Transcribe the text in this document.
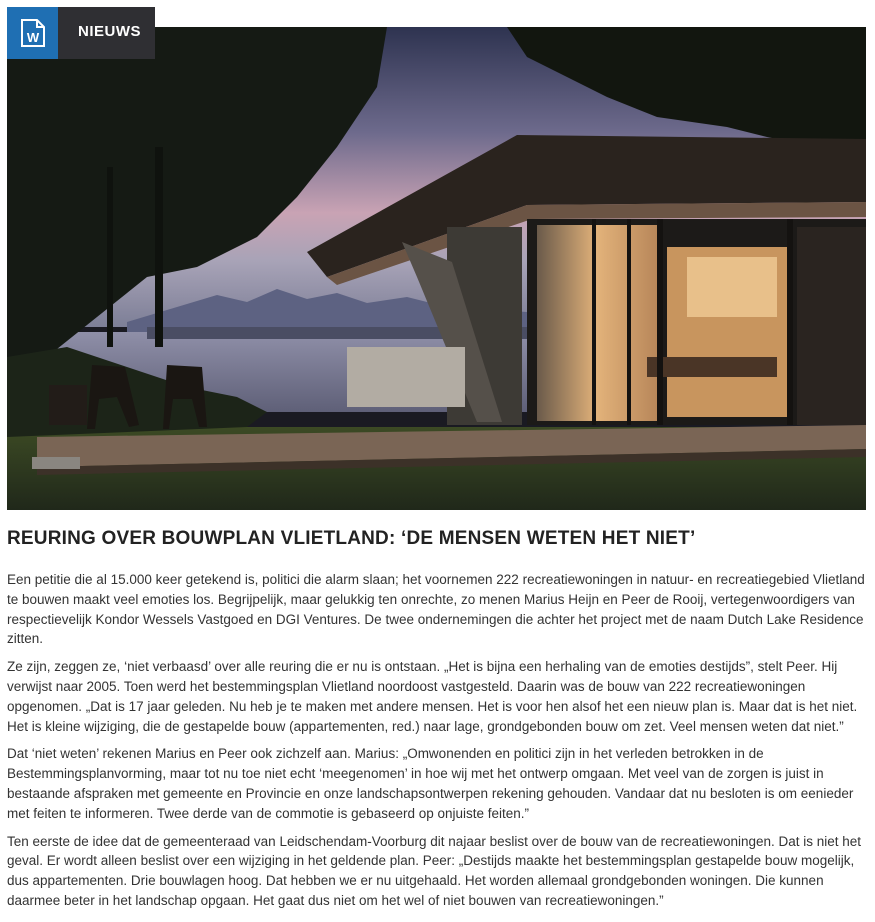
W	NIEUWS
REURING OVER BOUWPLAN VLIETLAND: ‘DE MENSEN WETEN HET NIET’

Een petitie die al 15.000 keer getekend is, politici die alarm slaan; het voornemen 222 recreatiewoningen in natuur- en recreatiegebied Vlietland te bouwen maakt veel emoties los. Begrijpelijk, maar gelukkig ten onrechte, zo menen Marius Heijn en Peer de Rooij, vertegenwoordigers van respectievelijk Kondor Wessels Vastgoed en DGI Ventures. De twee ondernemingen die achter het project met de naam Dutch Lake Residence zitten.

Ze zijn, zeggen ze, ‘niet verbaasd’ over alle reuring die er nu is ontstaan. „Het is bijna een herhaling van de emoties destijds”, stelt Peer. Hij verwijst naar 2005. Toen werd het bestemmingsplan Vlietland noordoost vastgesteld. Daarin was de bouw van 222 recreatiewoningen opgenomen. „Dat is 17 jaar geleden. Nu heb je te maken met andere mensen. Het is voor hen alsof het een nieuw plan is. Maar dat is het niet. Het is kleine wijziging, die de gestapelde bouw (appartementen, red.) naar lage, grondgebonden bouw om zet. Veel mensen weten dat niet.”

Dat ‘niet weten’ rekenen Marius en Peer ook zichzelf aan. Marius: „Omwonenden en politici zijn in het verleden betrokken in de Bestemmingsplanvorming, maar tot nu toe niet echt ‘meegenomen’ in hoe wij met het ontwerp omgaan. Met veel van de zorgen is juist in bestaande afspraken met gemeente en Provincie en onze landschapsontwerpen rekening gehouden. Vandaar dat nu besloten is om eenieder met feiten te informeren. Twee derde van de commotie is gebaseerd op onjuiste feiten.”

Ten eerste de idee dat de gemeenteraad van Leidschendam-Voorburg dit najaar beslist over de bouw van de recreatiewoningen. Dat is niet het geval. Er wordt alleen beslist over een wijziging in het geldende plan. Peer: „Destijds maakte het bestemmingsplan gestapelde bouw mogelijk, dus appartementen. Drie bouwlagen hoog. Dat hebben we er nu uitgehaald. Het worden allemaal grondgebonden woningen. Die kunnen daarmee beter in het landschap opgaan. Het gaat dus niet om het wel of niet bouwen van recreatiewoningen.”
